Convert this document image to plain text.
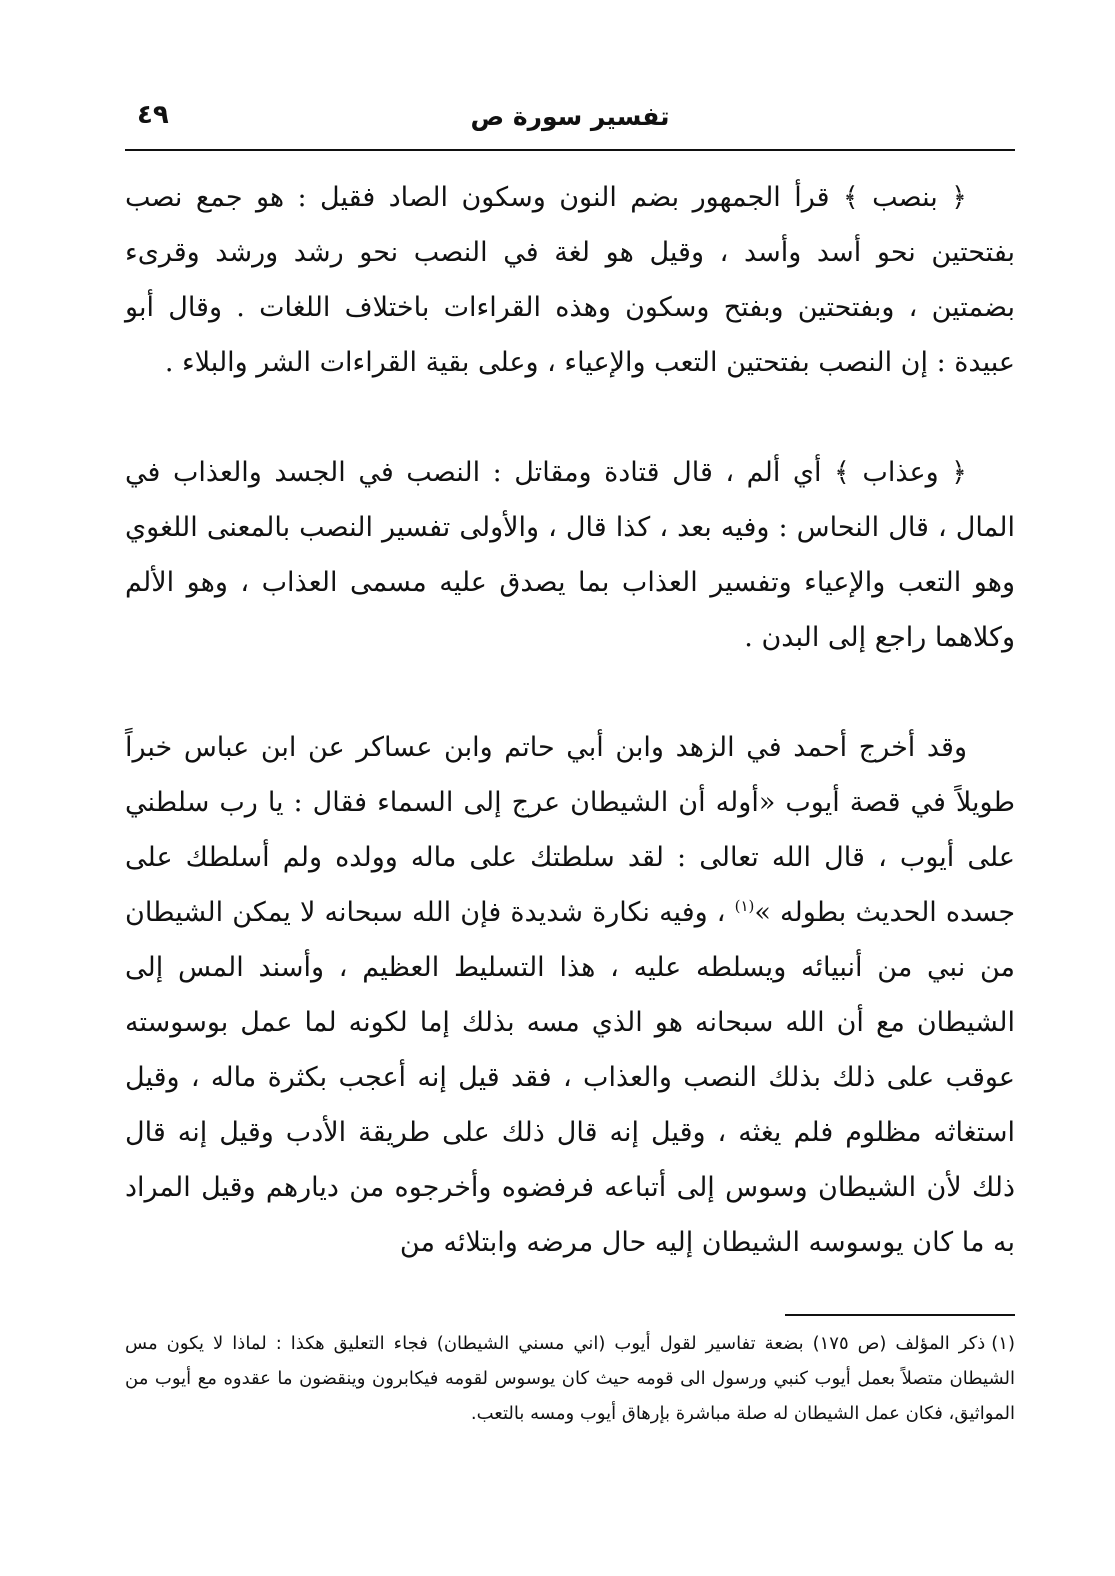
تفسير سورة ص
٤٩

﴿ بنصب ﴾ قرأ الجمهور بضم النون وسكون الصاد فقيل : هو جمع نصب بفتحتين نحو أسد وأسد ، وقيل هو لغة في النصب نحو رشد ورشد وقرىء بضمتين ، وبفتحتين وبفتح وسكون وهذه القراءات باختلاف اللغات . وقال أبو عبيدة : إن النصب بفتحتين التعب والإعياء ، وعلى بقية القراءات الشر والبلاء .

﴿ وعذاب ﴾ أي ألم ، قال قتادة ومقاتل : النصب في الجسد والعذاب في المال ، قال النحاس : وفيه بعد ، كذا قال ، والأولى تفسير النصب بالمعنى اللغوي وهو التعب والإعياء وتفسير العذاب بما يصدق عليه مسمى العذاب ، وهو الألم وكلاهما راجع إلى البدن .

وقد أخرج أحمد في الزهد وابن أبي حاتم وابن عساكر عن ابن عباس خبراً طويلاً في قصة أيوب «أوله أن الشيطان عرج إلى السماء فقال : يا رب سلطني على أيوب ، قال الله تعالى : لقد سلطتك على ماله وولده ولم أسلطك على جسده الحديث بطوله »$^{(١)}$ ، وفيه نكارة شديدة فإن الله سبحانه لا يمكن الشيطان من نبي من أنبيائه ويسلطه عليه ، هذا التسليط العظيم ، وأسند المس إلى الشيطان مع أن الله سبحانه هو الذي مسه بذلك إما لكونه لما عمل بوسوسته عوقب على ذلك بذلك النصب والعذاب ، فقد قيل إنه أعجب بكثرة ماله ، وقيل استغاثه مظلوم فلم يغثه ، وقيل إنه قال ذلك على طريقة الأدب وقيل إنه قال ذلك لأن الشيطان وسوس إلى أتباعه فرفضوه وأخرجوه من ديارهم وقيل المراد به ما كان يوسوسه الشيطان إليه حال مرضه وابتلائه من

(١)ذكر المؤلف (ص ١٧٥) بضعة تفاسير لقول أيوب (اني مسني الشيطان) فجاء التعليق هكذا : لماذا لا يكون مس الشيطان متصلاً بعمل أيوب كنبي ورسول الى قومه حيث كان يوسوس لقومه فيكابرون وينقضون ما عقدوه مع أيوب من المواثيق، فكان عمل الشيطان له صلة مباشرة بإرهاق أيوب ومسه بالتعب.
